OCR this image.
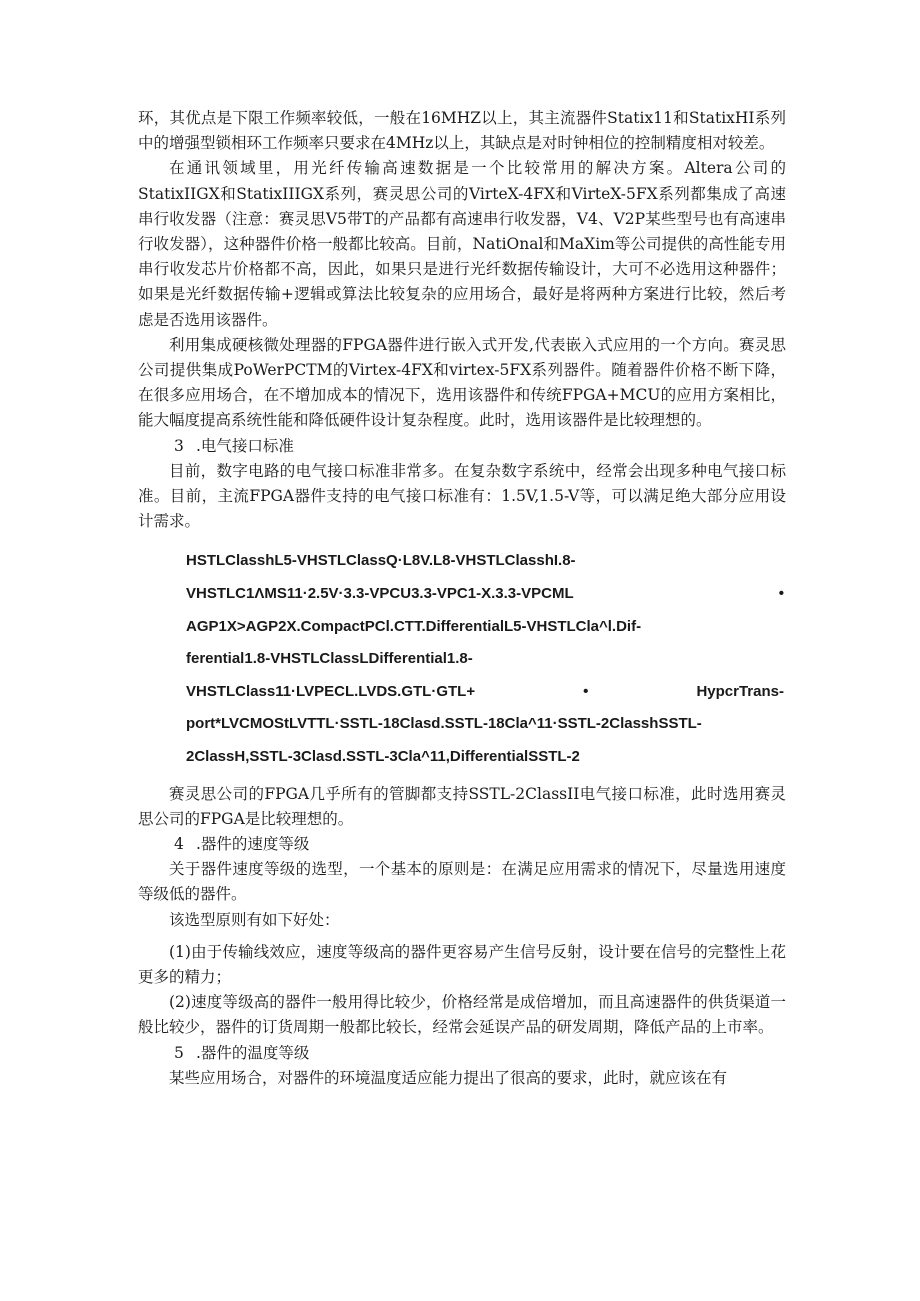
环，其优点是下限工作频率较低，一般在16MHZ以上，其主流器件Statix11和StatixHI系列中的增强型锁相环工作频率只要求在4MHz以上，其缺点是对时钟相位的控制精度相对较差。

在通讯领域里，用光纤传输高速数据是一个比较常用的解决方案。Altera公司的StatixIIGX和StatixIIIGX系列，赛灵思公司的VirteX-4FX和VirteX-5FX系列都集成了高速串行收发器（注意：赛灵思V5带T的产品都有高速串行收发器，V4、V2P某些型号也有高速串行收发器），这种器件价格一般都比较高。目前，NatiOnal和MaXim等公司提供的高性能专用串行收发芯片价格都不高，因此，如果只是进行光纤数据传输设计，大可不必选用这种器件；如果是光纤数据传输+逻辑或算法比较复杂的应用场合，最好是将两种方案进行比较，然后考虑是否选用该器件。

利用集成硬核微处理器的FPGA器件进行嵌入式开发,代表嵌入式应用的一个方向。赛灵思公司提供集成PoWerPCTM的Virtex-4FX和virtex-5FX系列器件。随着器件价格不断下降，在很多应用场合，在不增加成本的情况下，选用该器件和传统FPGA+MCU的应用方案相比，能大幅度提高系统性能和降低硬件设计复杂程度。此时，选用该器件是比较理想的。

3 .电气接口标准

目前，数字电路的电气接口标准非常多。在复杂数字系统中，经常会出现多种电气接口标准。目前，主流FPGA器件支持的电气接口标准有：1.5V,1.5-V等，可以满足绝大部分应用设计需求。

HSTLClasshL5-VHSTLClassQ·L8V.L8-VHSTLClasshI.8-
VHSTLC1ΛMS11·2.5V·3.3-VPCU3.3-VPC1-X.3.3-VPCML	•
AGP1X>AGP2X.CompactPCl.CTT.DifferentialL5-VHSTLCla^l.Dif-
ferential1.8-VHSTLClassLDifferential1.8-
VHSTLClass11·LVPECL.LVDS.GTL·GTL+	•	HypcrTrans-
port*LVCMOStLVTTL·SSTL-18Clasd.SSTL-18Cla^11·SSTL-2ClasshSSTL-
2ClassH,SSTL-3Clasd.SSTL-3Cla^11,DifferentialSSTL-2

赛灵思公司的FPGA几乎所有的管脚都支持SSTL-2ClassII电气接口标准，此时选用赛灵思公司的FPGA是比较理想的。

4 .器件的速度等级

关于器件速度等级的选型，一个基本的原则是：在满足应用需求的情况下，尽量选用速度等级低的器件。

该选型原则有如下好处：

(1)由于传输线效应，速度等级高的器件更容易产生信号反射，设计要在信号的完整性上花更多的精力；

(2)速度等级高的器件一般用得比较少，价格经常是成倍增加，而且高速器件的供货渠道一般比较少，器件的订货周期一般都比较长，经常会延误产品的研发周期，降低产品的上市率。

5 .器件的温度等级

某些应用场合，对器件的环境温度适应能力提出了很高的要求，此时，就应该在有
